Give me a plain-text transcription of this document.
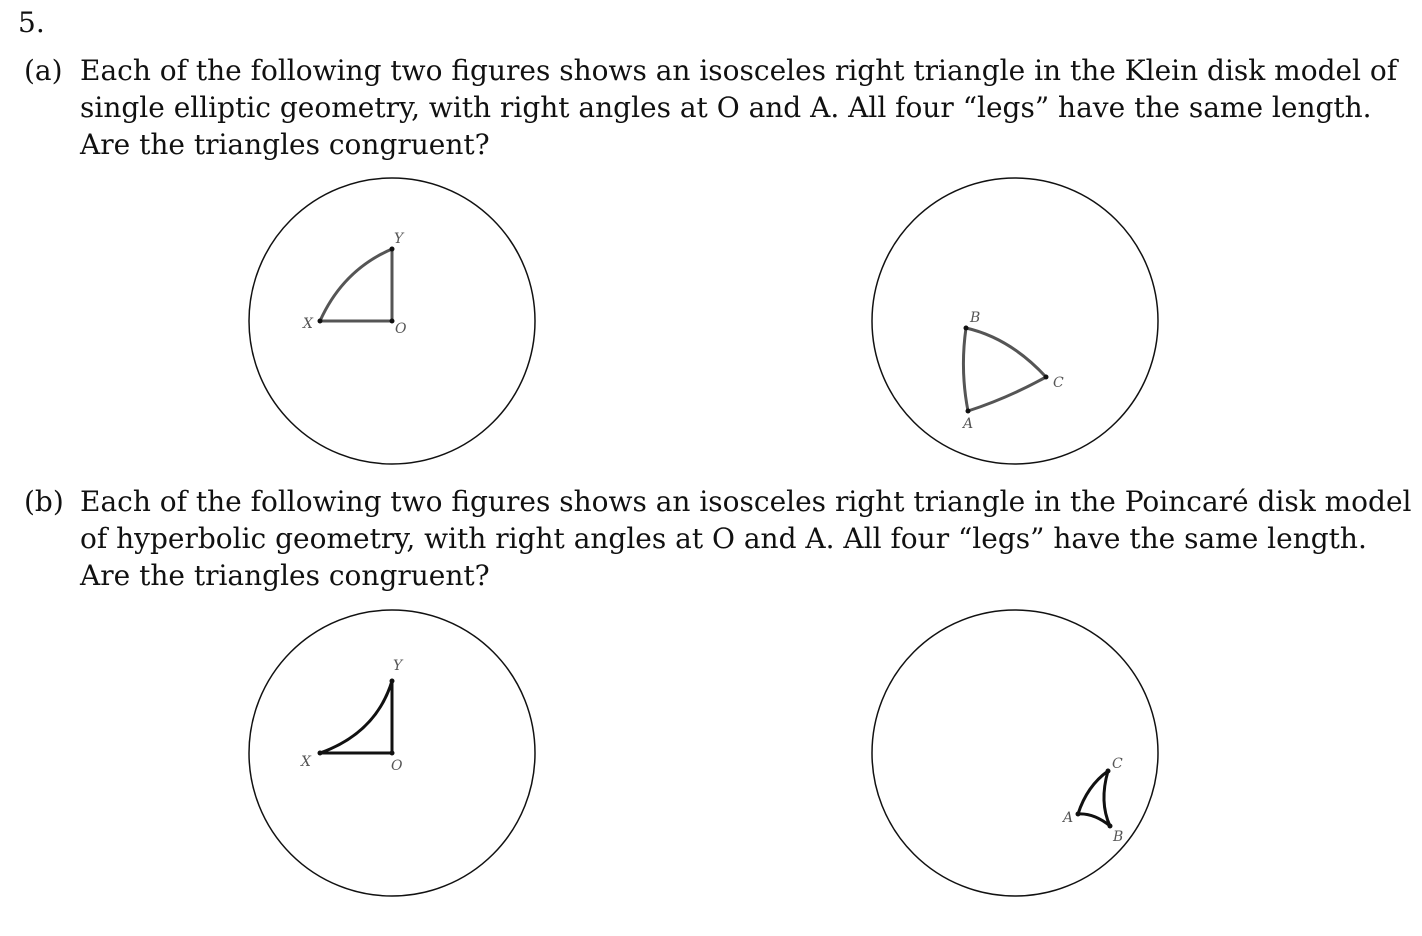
5.
(a) Each of the following two figures shows an isosceles right triangle in the Klein disk model of
single elliptic geometry, with right angles at O and A. All four “legs” have the same length.
Are the triangles congruent?
(b) Each of the following two figures shows an isosceles right triangle in the Poincaré disk model
of hyperbolic geometry, with right angles at O and A. All four “legs” have the same length.
Are the triangles congruent?
X
Y
O
B
C
A
X
Y
O
A
B
C
